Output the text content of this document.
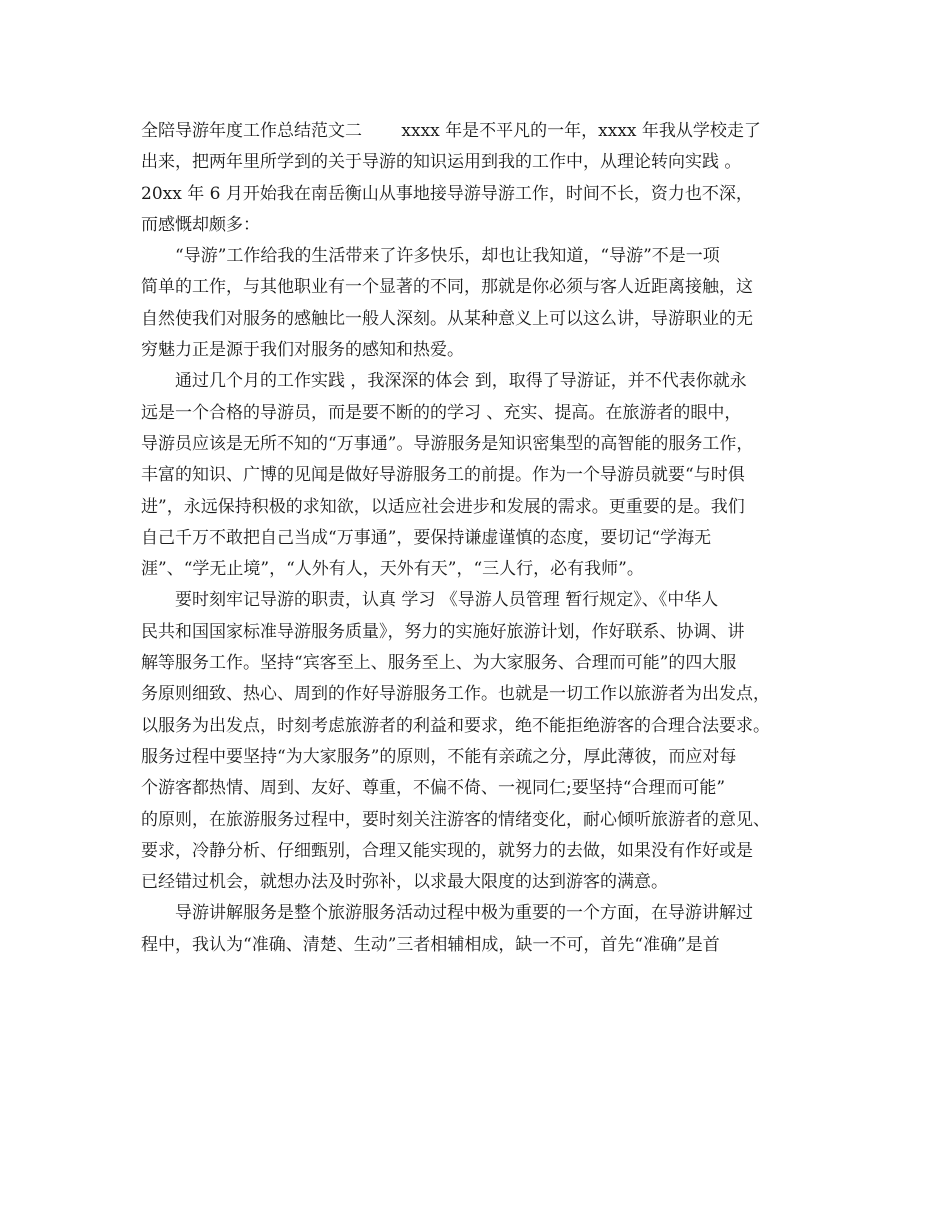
全陪导游年度工作总结范文二　　 xxxx 年是不平凡的一年，xxxx 年我从学校走了

出来，把两年里所学到的关于导游的知识运用到我的工作中，从理论转向实践 。

20xx 年 6 月开始我在南岳衡山从事地接导游导游工作，时间不长，资力也不深，

而感慨却颇多：

“导游”工作给我的生活带来了许多快乐，却也让我知道，“导游”不是一项

简单的工作，与其他职业有一个显著的不同，那就是你必须与客人近距离接触，这

自然使我们对服务的感触比一般人深刻。从某种意义上可以这么讲，导游职业的无

穷魅力正是源于我们对服务的感知和热爱。

通过几个月的工作实践 ，我深深的体会 到，取得了导游证，并不代表你就永

远是一个合格的导游员，而是要不断的的学习 、充实、提高。在旅游者的眼中，

导游员应该是无所不知的“万事通”。导游服务是知识密集型的高智能的服务工作，

丰富的知识、广博的见闻是做好导游服务工的前提。作为一个导游员就要“与时俱

进”，永远保持积极的求知欲，以适应社会进步和发展的需求。更重要的是。我们

自己千万不敢把自己当成“万事通”，要保持谦虚谨慎的态度，要切记“学海无

涯”、“学无止境”，“人外有人，天外有天”，“三人行，必有我师”。

要时刻牢记导游的职责，认真 学习 《导游人员管理 暂行规定》、《中华人

民共和国国家标准导游服务质量》，努力的实施好旅游计划，作好联系、协调、讲

解等服务工作。坚持“宾客至上、服务至上、为大家服务、合理而可能”的四大服

务原则细致、热心、周到的作好导游服务工作。也就是一切工作以旅游者为出发点，

以服务为出发点，时刻考虑旅游者的利益和要求，绝不能拒绝游客的合理合法要求。

服务过程中要坚持“为大家服务”的原则，不能有亲疏之分，厚此薄彼，而应对每

个游客都热情、周到、友好、尊重，不偏不倚、一视同仁;要坚持“合理而可能”

的原则，在旅游服务过程中，要时刻关注游客的情绪变化，耐心倾听旅游者的意见、

要求，冷静分析、仔细甄别，合理又能实现的，就努力的去做，如果没有作好或是

已经错过机会，就想办法及时弥补，以求最大限度的达到游客的满意。

导游讲解服务是整个旅游服务活动过程中极为重要的一个方面，在导游讲解过

程中，我认为“准确、清楚、生动”三者相辅相成，缺一不可，首先“准确”是首
